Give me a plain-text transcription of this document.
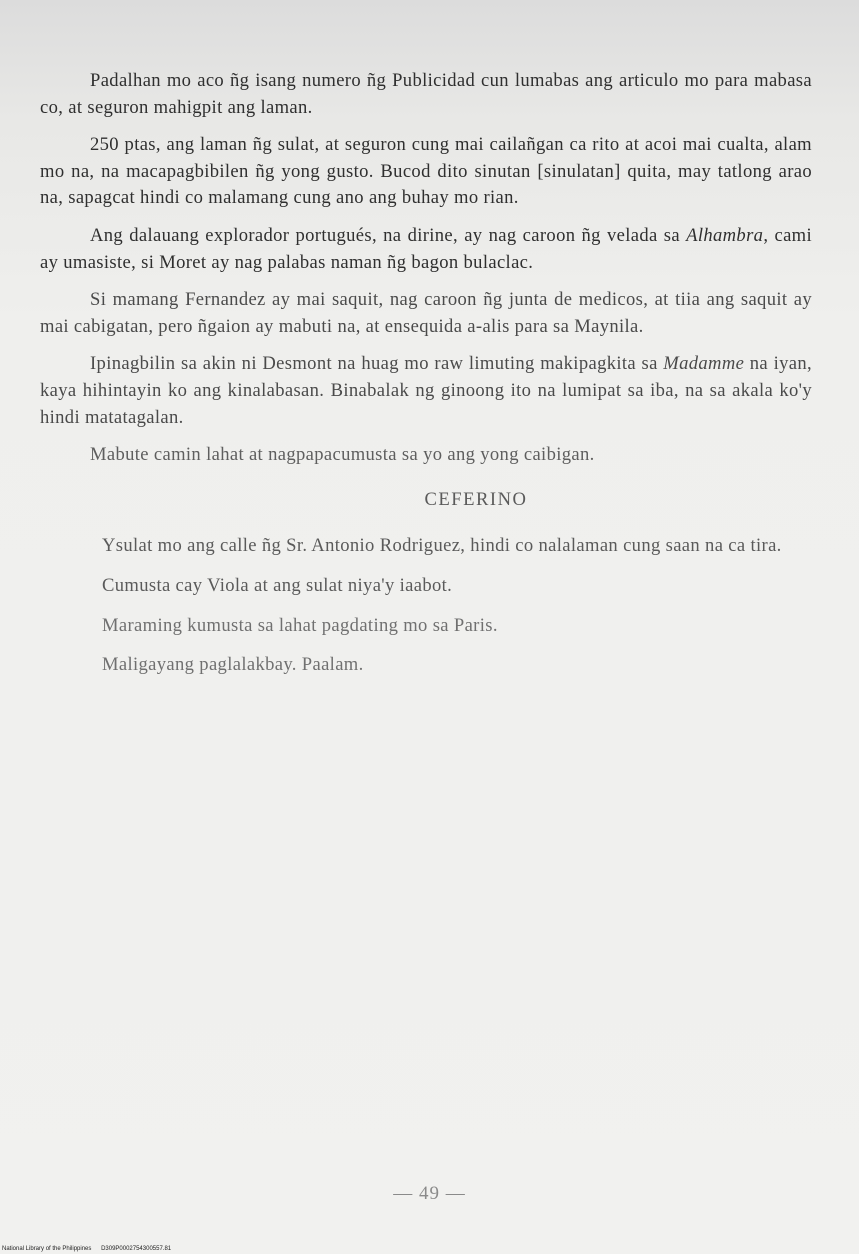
Padalhan mo aco ñg isang numero ñg Publicidad cun lumabas ang articulo mo para mabasa co, at seguron mahigpit ang laman.

250 ptas, ang laman ñg sulat, at seguron cung mai cailañgan ca rito at acoi mai cualta, alam mo na, na macapagbibilen ñg yong gusto. Bucod dito sinutan [sinulatan] quita, may tatlong arao na, sapagcat hindi co malamang cung ano ang buhay mo rian.

Ang dalauang explorador portugués, na dirine, ay nag caroon ñg velada sa Alhambra, cami ay umasiste, si Moret ay nag palabas naman ñg bagon bulaclac.

Si mamang Fernandez ay mai saquit, nag caroon ñg junta de medicos, at tiia ang saquit ay mai cabigatan, pero ñgaion ay mabuti na, at ensequida a-alis para sa Maynila.

Ipinagbilin sa akin ni Desmont na huag mo raw limuting makipagkita sa Madamme na iyan, kaya hihintayin ko ang kinalabasan. Binabalak ng ginoong ito na lumipat sa iba, na sa akala ko'y hindi matatagalan.

Mabute camin lahat at nagpapacumusta sa yo ang yong caibigan.

CEFERINO

Ysulat mo ang calle ñg Sr. Antonio Rodriguez, hindi co nalalaman cung saan na ca tira.

Cumusta cay Viola at ang sulat niya'y iaabot.

Maraming kumusta sa lahat pagdating mo sa Paris.

Maligayang paglalakbay. Paalam.

— 49 —
National Library of the Philippines D309P0002754300557.81
